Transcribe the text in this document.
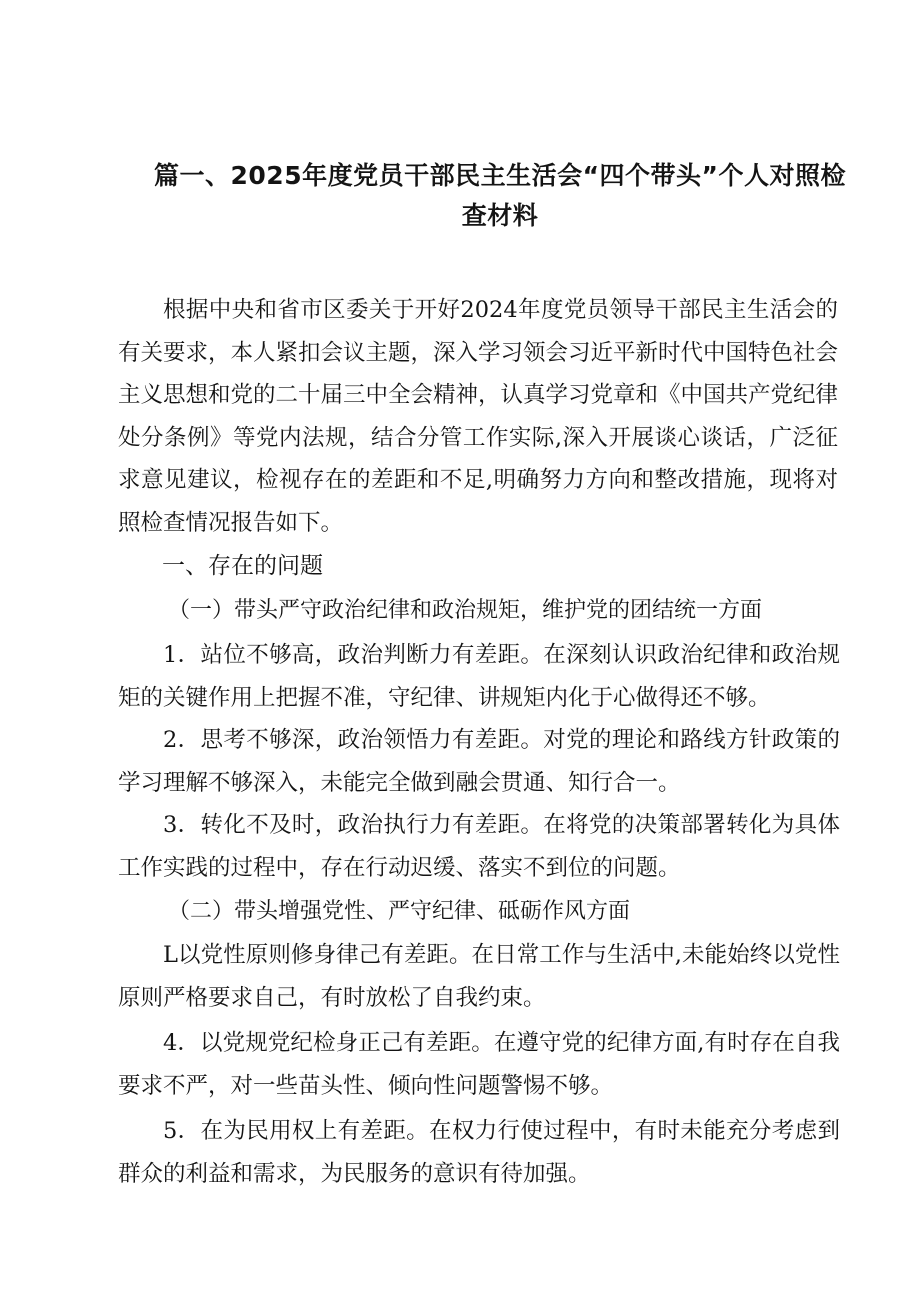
篇一、2025年度党员干部民主生活会“四个带头”个人对照检查材料
根据中央和省市区委关于开好2024年度党员领导干部民主生活会的有关要求，本人紧扣会议主题，深入学习领会习近平新时代中国特色社会主义思想和党的二十届三中全会精神，认真学习党章和《中国共产党纪律处分条例》等党内法规，结合分管工作实际,深入开展谈心谈话，广泛征求意见建议，检视存在的差距和不足,明确努力方向和整改措施，现将对照检查情况报告如下。
一、存在的问题
（一）带头严守政治纪律和政治规矩，维护党的团结统一方面
1．站位不够高，政治判断力有差距。在深刻认识政治纪律和政治规矩的关键作用上把握不准，守纪律、讲规矩内化于心做得还不够。
2．思考不够深，政治领悟力有差距。对党的理论和路线方针政策的学习理解不够深入，未能完全做到融会贯通、知行合一。
3．转化不及时，政治执行力有差距。在将党的决策部署转化为具体工作实践的过程中，存在行动迟缓、落实不到位的问题。
（二）带头增强党性、严守纪律、砥砺作风方面
L以党性原则修身律己有差距。在日常工作与生活中,未能始终以党性原则严格要求自己，有时放松了自我约束。
4．以党规党纪检身正己有差距。在遵守党的纪律方面,有时存在自我要求不严，对一些苗头性、倾向性问题警惕不够。
5．在为民用权上有差距。在权力行使过程中，有时未能充分考虑到群众的利益和需求，为民服务的意识有待加强。
